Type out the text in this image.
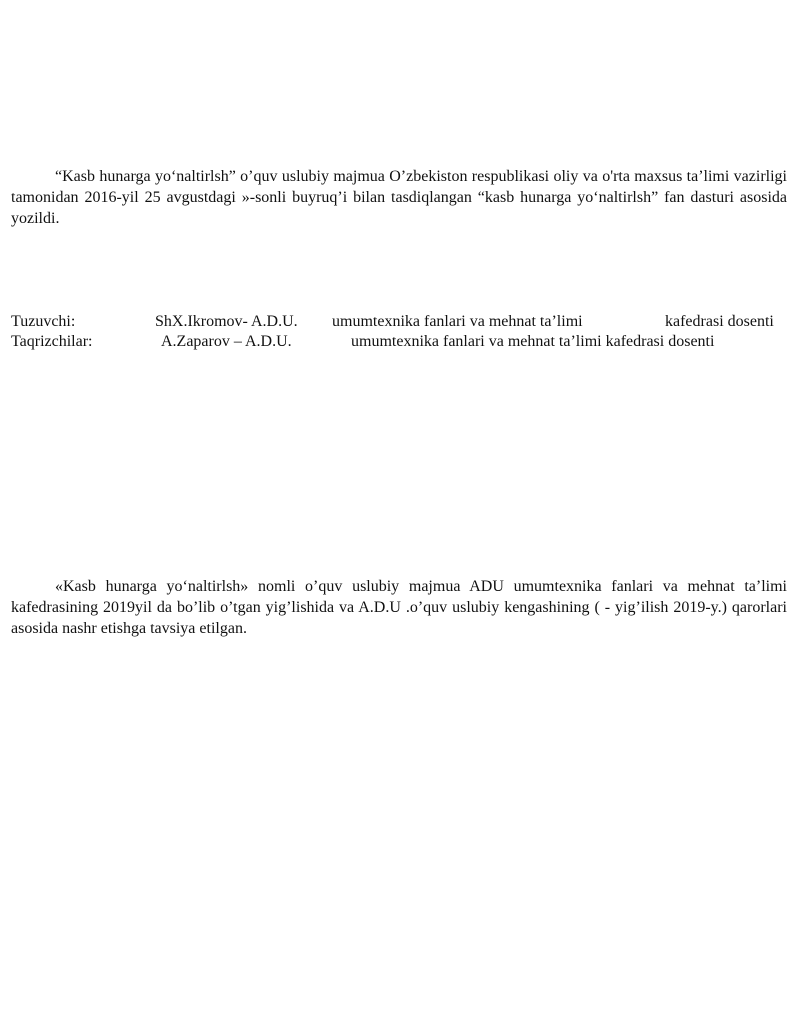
“Kasb hunarga yo‘naltirlsh” o’quv uslubiy majmua O’zbekiston respublikasi oliy va o'rta maxsus ta’limi vazirligi tamonidan 2016-yil 25 avgustdagi »-sonli buyruq’i bilan tasdiqlangan “kasb hunarga yo‘naltirlsh” fan dasturi asosida yozildi.

Tuzuvchi:	ShX.Ikromov- A.D.U. umumtexnika fanlari va mehnat ta’limi	kafedrasi dosenti
Taqrizchilar:	A.Zaparov – A.D.U.	umumtexnika fanlari va mehnat ta’limi kafedrasi dosenti

«Kasb hunarga yo‘naltirlsh» nomli o’quv uslubiy majmua ADU umumtexnika fanlari va mehnat ta’limi kafedrasining 2019yil da bo’lib o’tgan yig’lishida va A.D.U .o’quv uslubiy kengashining ( - yig’ilish 2019-y.) qarorlari asosida nashr etishga tavsiya etilgan.
